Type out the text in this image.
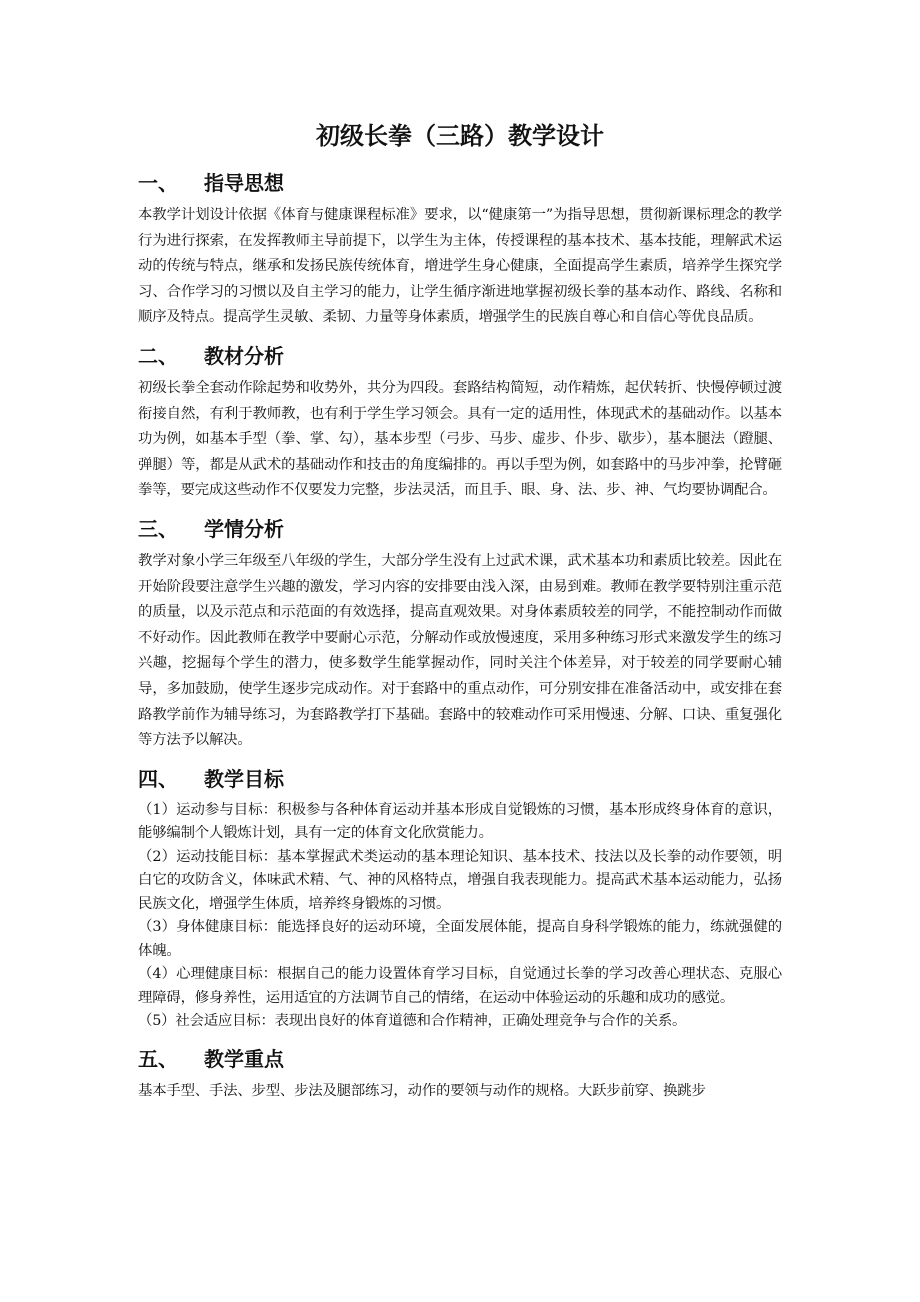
初级长拳（三路）教学设计
一、 指导思想

本教学计划设计依据《体育与健康课程标准》要求，以“健康第一”为指导思想，贯彻新课标理念的教学行为进行探索，在发挥教师主导前提下，以学生为主体，传授课程的基本技术、基本技能，理解武术运动的传统与特点，继承和发扬民族传统体育，增进学生身心健康，全面提高学生素质，培养学生探究学习、合作学习的习惯以及自主学习的能力，让学生循序渐进地掌握初级长拳的基本动作、路线、名称和顺序及特点。提高学生灵敏、柔韧、力量等身体素质，增强学生的民族自尊心和自信心等优良品质。

二、 教材分析

初级长拳全套动作除起势和收势外，共分为四段。套路结构简短，动作精炼，起伏转折、快慢停顿过渡衔接自然，有利于教师教，也有利于学生学习领会。具有一定的适用性，体现武术的基础动作。以基本功为例，如基本手型（拳、掌、勾），基本步型（弓步、马步、虚步、仆步、歇步），基本腿法（蹬腿、弹腿）等，都是从武术的基础动作和技击的角度编排的。再以手型为例，如套路中的马步冲拳，抡臂砸拳等，要完成这些动作不仅要发力完整，步法灵活，而且手、眼、身、法、步、神、气均要协调配合。

三、 学情分析

教学对象小学三年级至八年级的学生，大部分学生没有上过武术课，武术基本功和素质比较差。因此在开始阶段要注意学生兴趣的激发，学习内容的安排要由浅入深，由易到难。教师在教学要特别注重示范的质量，以及示范点和示范面的有效选择，提高直观效果。对身体素质较差的同学，不能控制动作而做不好动作。因此教师在教学中要耐心示范，分解动作或放慢速度，采用多种练习形式来激发学生的练习兴趣，挖掘每个学生的潜力，使多数学生能掌握动作，同时关注个体差异，对于较差的同学要耐心辅导，多加鼓励，使学生逐步完成动作。对于套路中的重点动作，可分别安排在准备活动中，或安排在套路教学前作为辅导练习，为套路教学打下基础。套路中的较难动作可采用慢速、分解、口诀、重复强化等方法予以解决。

四、 教学目标

（1）运动参与目标：积极参与各种体育运动并基本形成自觉锻炼的习惯，基本形成终身体育的意识，能够编制个人锻炼计划，具有一定的体育文化欣赏能力。

（2）运动技能目标：基本掌握武术类运动的基本理论知识、基本技术、技法以及长拳的动作要领，明白它的攻防含义，体味武术精、气、神的风格特点，增强自我表现能力。提高武术基本运动能力，弘扬民族文化，增强学生体质，培养终身锻炼的习惯。

（3）身体健康目标：能选择良好的运动环境，全面发展体能，提高自身科学锻炼的能力，练就强健的体魄。

（4）心理健康目标：根据自己的能力设置体育学习目标，自觉通过长拳的学习改善心理状态、克服心理障碍，修身养性，运用适宜的方法调节自己的情绪，在运动中体验运动的乐趣和成功的感觉。

（5）社会适应目标：表现出良好的体育道德和合作精神，正确处理竞争与合作的关系。

五、 教学重点

基本手型、手法、步型、步法及腿部练习，动作的要领与动作的规格。大跃步前穿、换跳步
